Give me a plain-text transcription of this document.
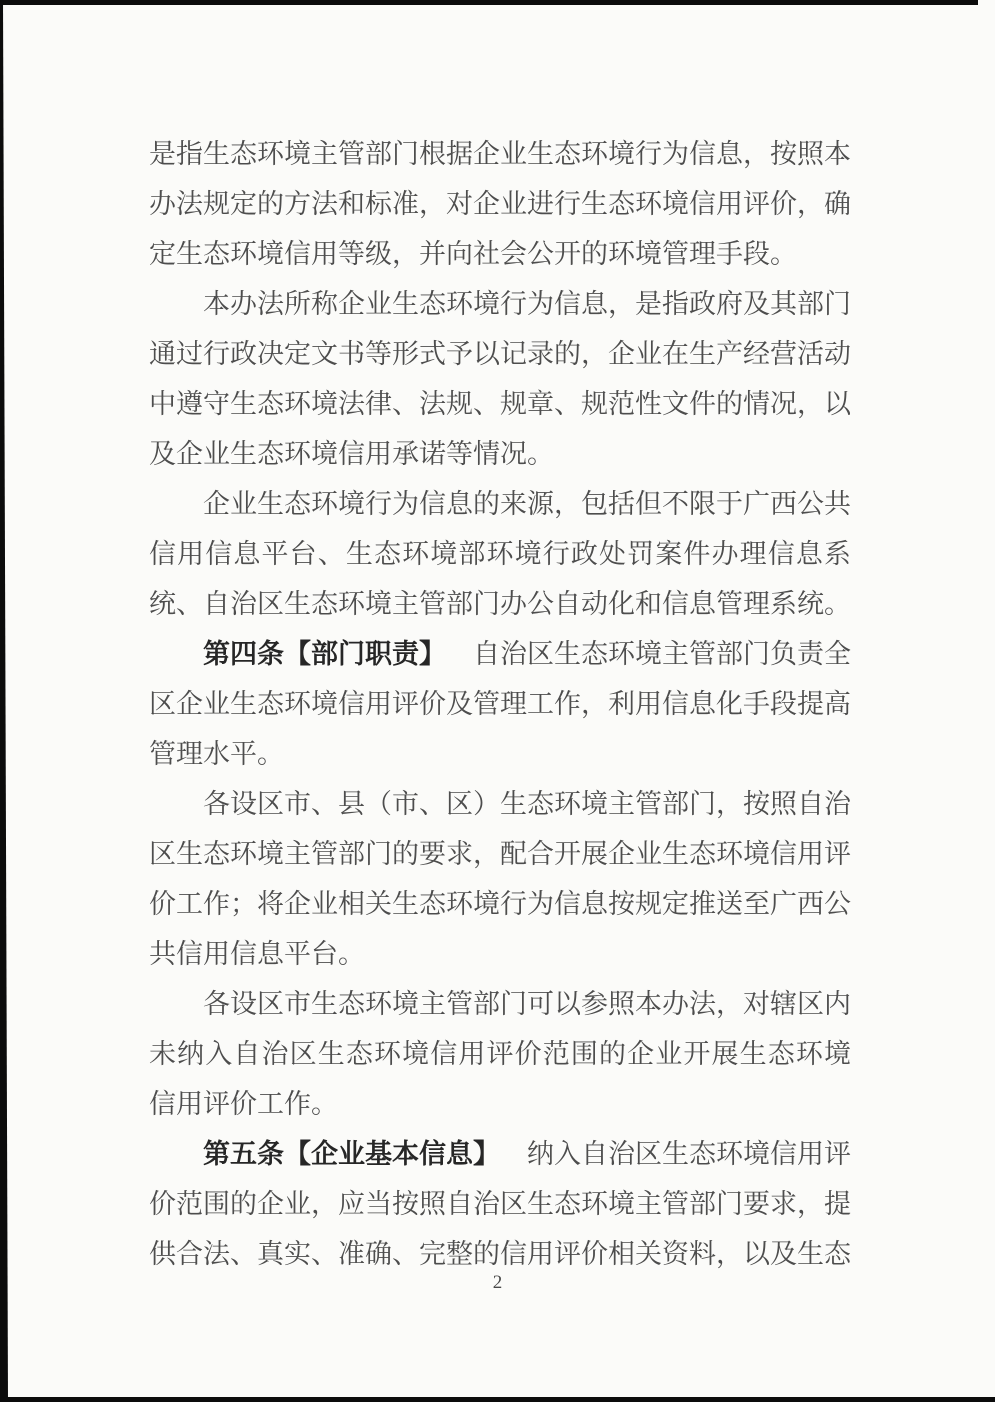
是指生态环境主管部门根据企业生态环境行为信息，按照本
办法规定的方法和标准，对企业进行生态环境信用评价，确
定生态环境信用等级，并向社会公开的环境管理手段。
本办法所称企业生态环境行为信息，是指政府及其部门
通过行政决定文书等形式予以记录的，企业在生产经营活动
中遵守生态环境法律、法规、规章、规范性文件的情况，以
及企业生态环境信用承诺等情况。
企业生态环境行为信息的来源，包括但不限于广西公共
信用信息平台、生态环境部环境行政处罚案件办理信息系
统、自治区生态环境主管部门办公自动化和信息管理系统。
第四条【部门职责】 自治区生态环境主管部门负责全
区企业生态环境信用评价及管理工作，利用信息化手段提高
管理水平。
各设区市、县（市、区）生态环境主管部门，按照自治
区生态环境主管部门的要求，配合开展企业生态环境信用评
价工作；将企业相关生态环境行为信息按规定推送至广西公
共信用信息平台。
各设区市生态环境主管部门可以参照本办法，对辖区内
未纳入自治区生态环境信用评价范围的企业开展生态环境
信用评价工作。
第五条【企业基本信息】 纳入自治区生态环境信用评
价范围的企业，应当按照自治区生态环境主管部门要求，提
供合法、真实、准确、完整的信用评价相关资料，以及生态
2
